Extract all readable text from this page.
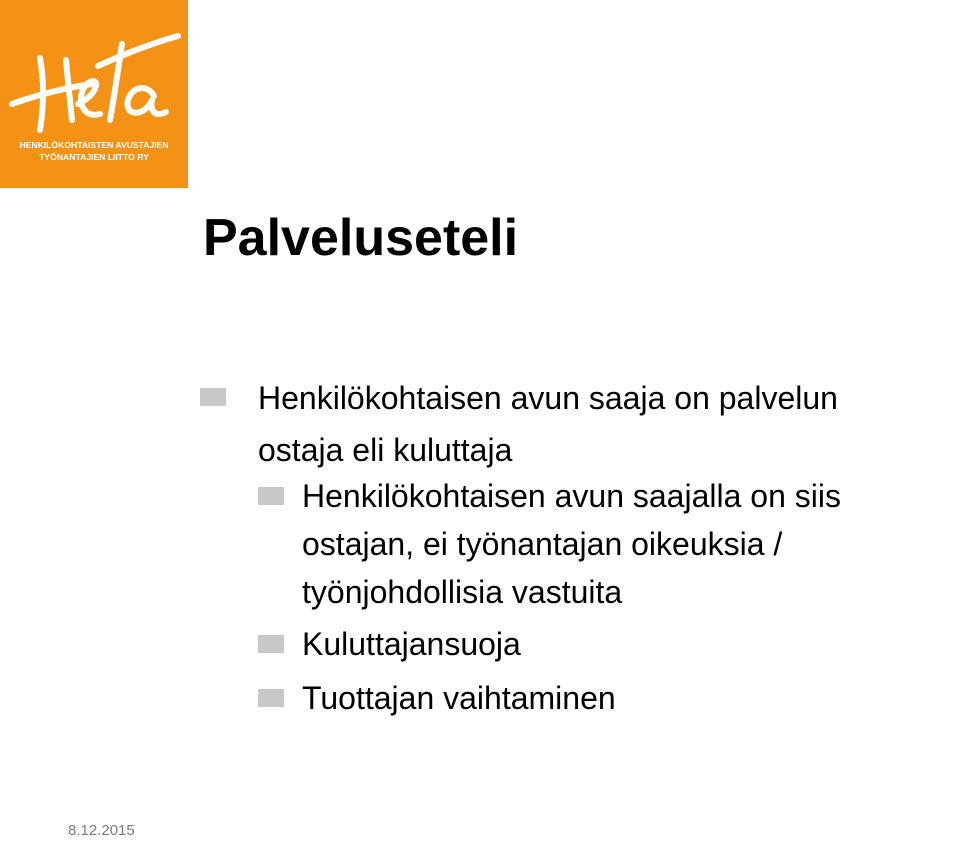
HENKILÖKOHTAISTEN AVUSTAJIEN
TYÖNANTAJIEN LIITTO RY
Palveluseteli
Henkilökohtaisen avun saaja on palvelun
ostaja eli kuluttaja
Henkilökohtaisen avun saajalla on siis
ostajan, ei työnantajan oikeuksia /
työnjohdollisia vastuita
Kuluttajansuoja
Tuottajan vaihtaminen
8.12.2015
